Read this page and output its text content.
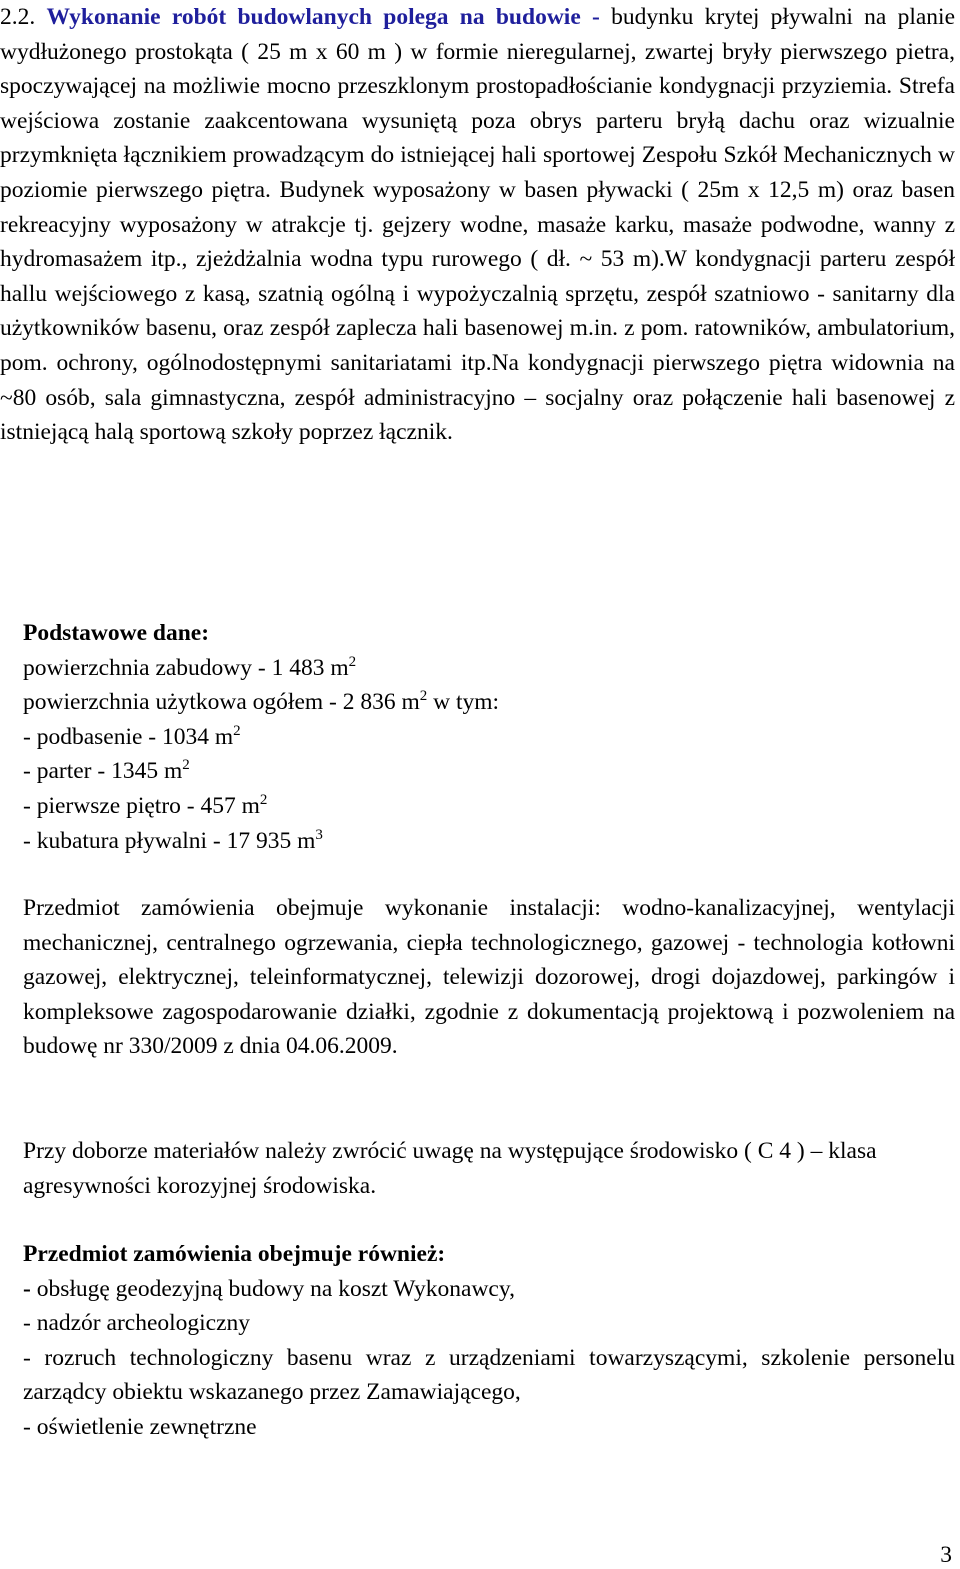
2.2. Wykonanie robót budowlanych polega na budowie - budynku krytej pływalni na planie wydłużonego prostokąta ( 25 m x 60 m ) w formie nieregularnej, zwartej bryły pierwszego pietra, spoczywającej na możliwie mocno przeszklonym prostopadłościanie kondygnacji przyziemia. Strefa wejściowa zostanie zaakcentowana wysuniętą poza obrys parteru bryłą dachu oraz wizualnie przymknięta łącznikiem prowadzącym do istniejącej hali sportowej Zespołu Szkół Mechanicznych w poziomie pierwszego piętra. Budynek wyposażony w basen pływacki ( 25m x 12,5 m) oraz basen rekreacyjny wyposażony w atrakcje tj. gejzery wodne, masaże karku, masaże podwodne, wanny z hydromasażem itp., zjeżdżalnia wodna typu rurowego ( dł. ~ 53 m).W kondygnacji parteru zespół hallu wejściowego z kasą, szatnią ogólną i wypożyczalnią sprzętu, zespół szatniowo - sanitarny dla użytkowników basenu, oraz zespół zaplecza hali basenowej m.in. z pom. ratowników, ambulatorium, pom. ochrony, ogólnodostępnymi sanitariatami itp.Na kondygnacji pierwszego piętra widownia na ~80 osób, sala gimnastyczna, zespół administracyjno – socjalny oraz połączenie hali basenowej z istniejącą halą sportową szkoły poprzez łącznik.

Podstawowe dane:

powierzchnia zabudowy - 1 483 $m^2$

powierzchnia użytkowa ogółem - 2 836 $m^2$ w tym:

- podbasenie - 1034 $m^2$

- parter - 1345 $m^2$

- pierwsze piętro - 457 $m^2$

- kubatura pływalni - 17 935 $m^3$

Przedmiot zamówienia obejmuje wykonanie instalacji: wodno-kanalizacyjnej, wentylacji mechanicznej, centralnego ogrzewania, ciepła technologicznego, gazowej - technologia kotłowni gazowej, elektrycznej, teleinformatycznej, telewizji dozorowej, drogi dojazdowej, parkingów i kompleksowe zagospodarowanie działki, zgodnie z dokumentacją projektową i pozwoleniem na budowę nr 330/2009 z dnia 04.06.2009.

Przy doborze materiałów należy zwrócić uwagę na występujące środowisko ( C 4 ) – klasa agresywności korozyjnej środowiska.

Przedmiot zamówienia obejmuje również:

- obsługę geodezyjną budowy na koszt Wykonawcy,

- nadzór archeologiczny

- rozruch technologiczny basenu wraz z urządzeniami towarzyszącymi, szkolenie personelu zarządcy obiektu wskazanego przez Zamawiającego,

- oświetlenie zewnętrzne

3
